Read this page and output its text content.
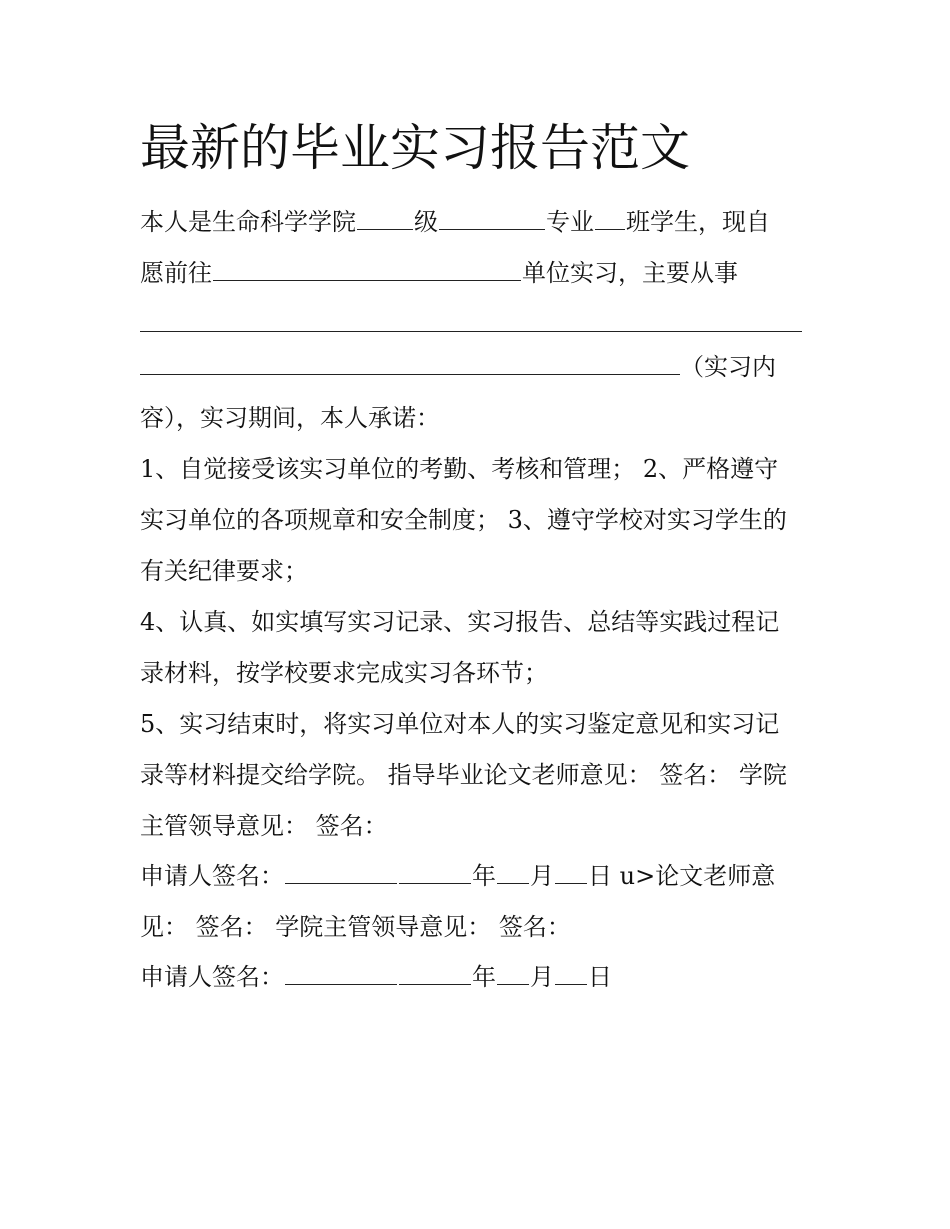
最新的毕业实习报告范文
本人是生命科学学院 级	专业 班学生，现自
愿前往	单位实习，主要从事
（实习内
容），实习期间，本人承诺：
1、自觉接受该实习单位的考勤、考核和管理； 2、严格遵守
实习单位的各项规章和安全制度； 3、遵守学校对实习学生的
有关纪律要求；
4、认真、如实填写实习记录、实习报告、总结等实践过程记
录材料，按学校要求完成实习各环节；
5、实习结束时，将实习单位对本人的实习鉴定意见和实习记
录等材料提交给学院。 指导毕业论文老师意见： 签名： 学院
主管领导意见： 签名：
申请人签名：	年 月 日 u>论文老师意
见： 签名： 学院主管领导意见： 签名：
申请人签名：	年 月 日
